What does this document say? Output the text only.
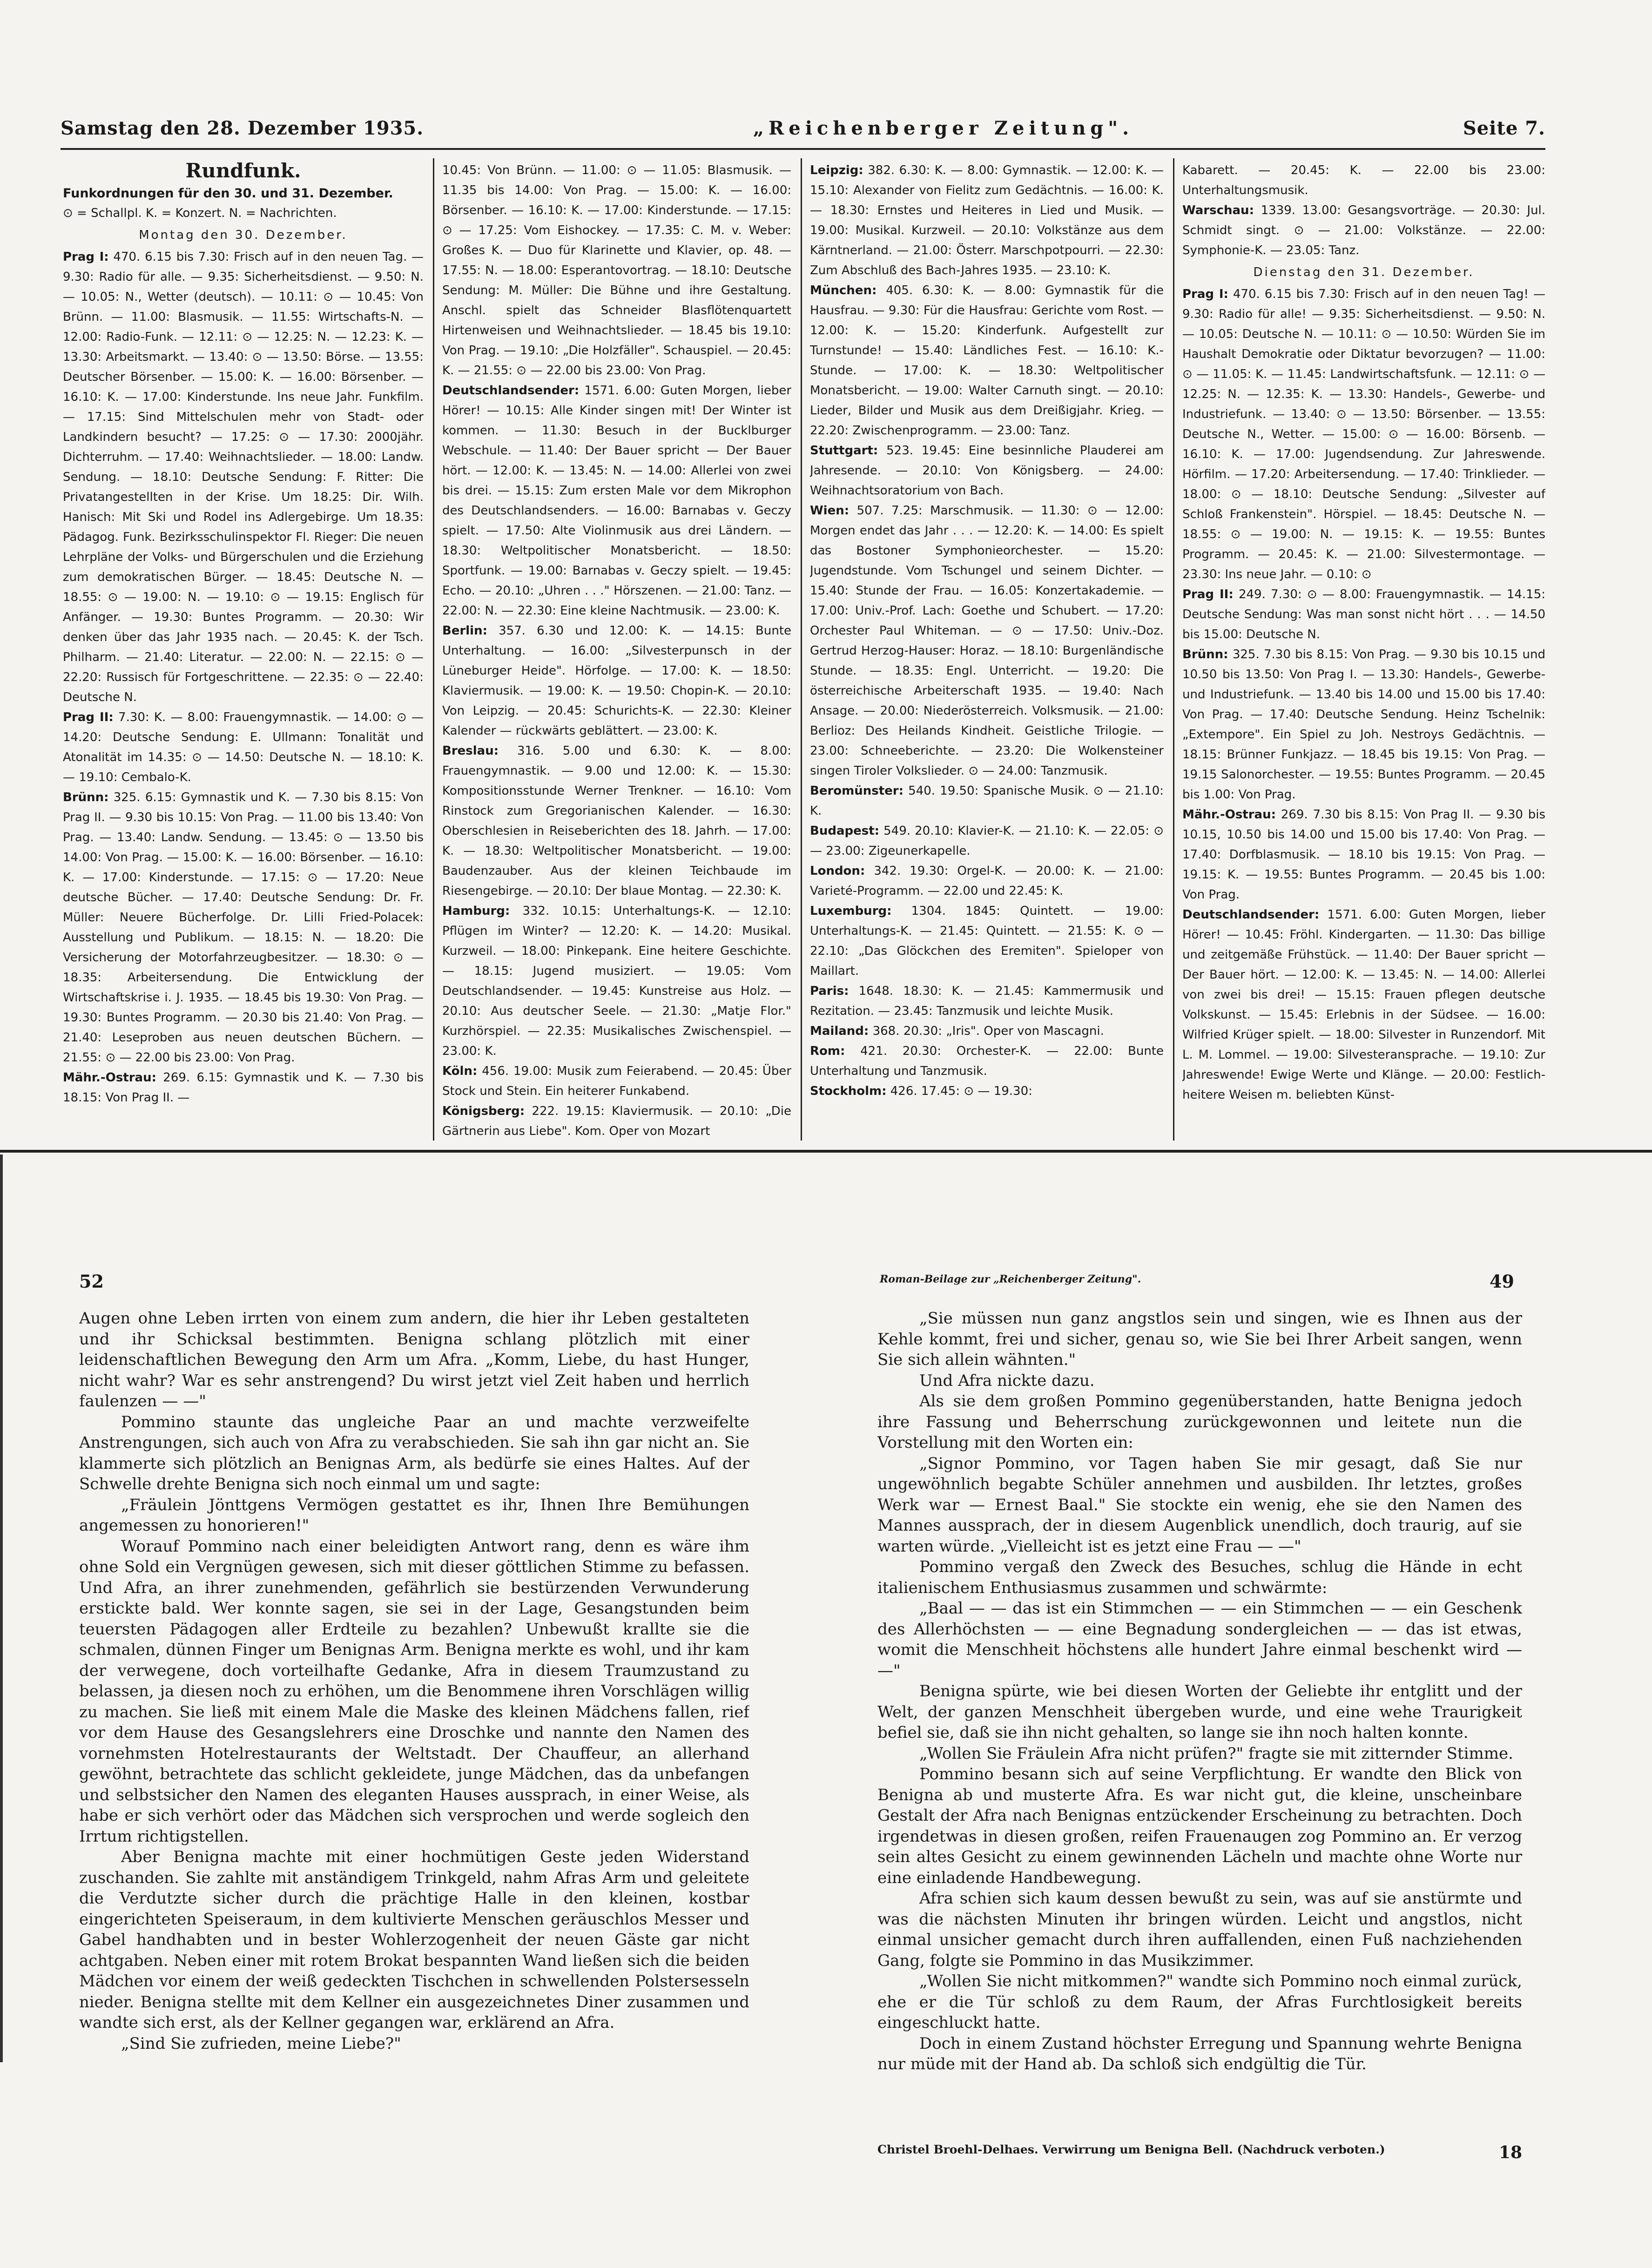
Samstag den 28. Dezember 1935.	„Reichenberger Zeitung".	Seite 7.
Rundfunk.

Funkordnungen für den 30. und 31. Dezember.

⊙ = Schallpl. K. = Konzert. N. = Nachrichten.

Montag den 30. Dezember.

Prag I: 470. 6.15 bis 7.30: Frisch auf in den neuen Tag. — 9.30: Radio für alle. — 9.35: Sicherheitsdienst. — 9.50: N. — 10.05: N., Wetter (deutsch). — 10.11: ⊙ — 10.45: Von Brünn. — 11.00: Blasmusik. — 11.55: Wirtschafts-N. — 12.00: Radio-Funk. — 12.11: ⊙ — 12.25: N. — 12.23: K. — 13.30: Arbeitsmarkt. — 13.40: ⊙ — 13.50: Börse. — 13.55: Deutscher Börsenber. — 15.00: K. — 16.00: Börsenber. — 16.10: K. — 17.00: Kinderstunde. Ins neue Jahr. Funkfilm. — 17.15: Sind Mittelschulen mehr von Stadt- oder Landkindern besucht? — 17.25: ⊙ — 17.30: 2000jähr. Dichterruhm. — 17.40: Weihnachtslieder. — 18.00: Landw. Sendung. — 18.10: Deutsche Sendung: F. Ritter: Die Privatangestellten in der Krise. Um 18.25: Dir. Wilh. Hanisch: Mit Ski und Rodel ins Adlergebirge. Um 18.35: Pädagog. Funk. Bezirksschulinspektor Fl. Rieger: Die neuen Lehrpläne der Volks- und Bürgerschulen und die Erziehung zum demokratischen Bürger. — 18.45: Deutsche N. — 18.55: ⊙ — 19.00: N. — 19.10: ⊙ — 19.15: Englisch für Anfänger. — 19.30: Buntes Programm. — 20.30: Wir denken über das Jahr 1935 nach. — 20.45: K. der Tsch. Philharm. — 21.40: Literatur. — 22.00: N. — 22.15: ⊙ — 22.20: Russisch für Fortgeschrittene. — 22.35: ⊙ — 22.40: Deutsche N.

Prag II: 7.30: K. — 8.00: Frauengymnastik. — 14.00: ⊙ — 14.20: Deutsche Sendung: E. Ullmann: Tonalität und Atonalität im 14.35: ⊙ — 14.50: Deutsche N. — 18.10: K. — 19.10: Cembalo-K.

Brünn: 325. 6.15: Gymnastik und K. — 7.30 bis 8.15: Von Prag II. — 9.30 bis 10.15: Von Prag. — 11.00 bis 13.40: Von Prag. — 13.40: Landw. Sendung. — 13.45: ⊙ — 13.50 bis 14.00: Von Prag. — 15.00: K. — 16.00: Börsenber. — 16.10: K. — 17.00: Kinderstunde. — 17.15: ⊙ — 17.20: Neue deutsche Bücher. — 17.40: Deutsche Sendung: Dr. Fr. Müller: Neuere Bücherfolge. Dr. Lilli Fried-Polacek: Ausstellung und Publikum. — 18.15: N. — 18.20: Die Versicherung der Motorfahrzeugbesitzer. — 18.30: ⊙ — 18.35: Arbeitersendung. Die Entwicklung der Wirtschaftskrise i. J. 1935. — 18.45 bis 19.30: Von Prag. — 19.30: Buntes Programm. — 20.30 bis 21.40: Von Prag. — 21.40: Leseproben aus neuen deutschen Büchern. — 21.55: ⊙ — 22.00 bis 23.00: Von Prag.

Mähr.-Ostrau: 269. 6.15: Gymnastik und K. — 7.30 bis 18.15: Von Prag II. —

10.45: Von Brünn. — 11.00: ⊙ — 11.05: Blasmusik. — 11.35 bis 14.00: Von Prag. — 15.00: K. — 16.00: Börsenber. — 16.10: K. — 17.00: Kinderstunde. — 17.15: ⊙ — 17.25: Vom Eishockey. — 17.35: C. M. v. Weber: Großes K. — Duo für Klarinette und Klavier, op. 48. — 17.55: N. — 18.00: Esperantovortrag. — 18.10: Deutsche Sendung: M. Müller: Die Bühne und ihre Gestaltung. Anschl. spielt das Schneider Blasflötenquartett Hirtenweisen und Weihnachtslieder. — 18.45 bis 19.10: Von Prag. — 19.10: „Die Holzfäller". Schauspiel. — 20.45: K. — 21.55: ⊙ — 22.00 bis 23.00: Von Prag.

Deutschlandsender: 1571. 6.00: Guten Morgen, lieber Hörer! — 10.15: Alle Kinder singen mit! Der Winter ist kommen. — 11.30: Besuch in der Bucklburger Webschule. — 11.40: Der Bauer spricht — Der Bauer hört. — 12.00: K. — 13.45: N. — 14.00: Allerlei von zwei bis drei. — 15.15: Zum ersten Male vor dem Mikrophon des Deutschlandsenders. — 16.00: Barnabas v. Geczy spielt. — 17.50: Alte Violinmusik aus drei Ländern. — 18.30: Weltpolitischer Monatsbericht. — 18.50: Sportfunk. — 19.00: Barnabas v. Geczy spielt. — 19.45: Echo. — 20.10: „Uhren . . ." Hörszenen. — 21.00: Tanz. — 22.00: N. — 22.30: Eine kleine Nachtmusik. — 23.00: K.

Berlin: 357. 6.30 und 12.00: K. — 14.15: Bunte Unterhaltung. — 16.00: „Silvesterpunsch in der Lüneburger Heide". Hörfolge. — 17.00: K. — 18.50: Klaviermusik. — 19.00: K. — 19.50: Chopin-K. — 20.10: Von Leipzig. — 20.45: Schurichts-K. — 22.30: Kleiner Kalender — rückwärts geblättert. — 23.00: K.

Breslau: 316. 5.00 und 6.30: K. — 8.00: Frauengymnastik. — 9.00 und 12.00: K. — 15.30: Kompositionsstunde Werner Trenkner. — 16.10: Vom Rinstock zum Gregorianischen Kalender. — 16.30: Oberschlesien in Reiseberichten des 18. Jahrh. — 17.00: K. — 18.30: Weltpolitischer Monatsbericht. — 19.00: Baudenzauber. Aus der kleinen Teichbaude im Riesengebirge. — 20.10: Der blaue Montag. — 22.30: K.

Hamburg: 332. 10.15: Unterhaltungs-K. — 12.10: Pflügen im Winter? — 12.20: K. — 14.20: Musikal. Kurzweil. — 18.00: Pinkepank. Eine heitere Geschichte. — 18.15: Jugend musiziert. — 19.05: Vom Deutschlandsender. — 19.45: Kunstreise aus Holz. — 20.10: Aus deutscher Seele. — 21.30: „Matje Flor." Kurzhörspiel. — 22.35: Musikalisches Zwischenspiel. — 23.00: K.

Köln: 456. 19.00: Musik zum Feierabend. — 20.45: Über Stock und Stein. Ein heiterer Funkabend.

Königsberg: 222. 19.15: Klaviermusik. — 20.10: „Die Gärtnerin aus Liebe". Kom. Oper von Mozart

Leipzig: 382. 6.30: K. — 8.00: Gymnastik. — 12.00: K. — 15.10: Alexander von Fielitz zum Gedächtnis. — 16.00: K. — 18.30: Ernstes und Heiteres in Lied und Musik. — 19.00: Musikal. Kurzweil. — 20.10: Volkstänze aus dem Kärntnerland. — 21.00: Österr. Marschpotpourri. — 22.30: Zum Abschluß des Bach-Jahres 1935. — 23.10: K.

München: 405. 6.30: K. — 8.00: Gymnastik für die Hausfrau. — 9.30: Für die Hausfrau: Gerichte vom Rost. — 12.00: K. — 15.20: Kinderfunk. Aufgestellt zur Turnstunde! — 15.40: Ländliches Fest. — 16.10: K.-Stunde. — 17.00: K. — 18.30: Weltpolitischer Monatsbericht. — 19.00: Walter Carnuth singt. — 20.10: Lieder, Bilder und Musik aus dem Dreißigjahr. Krieg. — 22.20: Zwischenprogramm. — 23.00: Tanz.

Stuttgart: 523. 19.45: Eine besinnliche Plauderei am Jahresende. — 20.10: Von Königsberg. — 24.00: Weihnachtsoratorium von Bach.

Wien: 507. 7.25: Marschmusik. — 11.30: ⊙ — 12.00: Morgen endet das Jahr . . . — 12.20: K. — 14.00: Es spielt das Bostoner Symphonieorchester. — 15.20: Jugendstunde. Vom Tschungel und seinem Dichter. — 15.40: Stunde der Frau. — 16.05: Konzertakademie. — 17.00: Univ.-Prof. Lach: Goethe und Schubert. — 17.20: Orchester Paul Whiteman. — ⊙ — 17.50: Univ.-Doz. Gertrud Herzog-Hauser: Horaz. — 18.10: Burgenländische Stunde. — 18.35: Engl. Unterricht. — 19.20: Die österreichische Arbeiterschaft 1935. — 19.40: Nach Ansage. — 20.00: Niederösterreich. Volksmusik. — 21.00: Berlioz: Des Heilands Kindheit. Geistliche Trilogie. — 23.00: Schneeberichte. — 23.20: Die Wolkensteiner singen Tiroler Volkslieder. ⊙ — 24.00: Tanzmusik.

Beromünster: 540. 19.50: Spanische Musik. ⊙ — 21.10: K.

Budapest: 549. 20.10: Klavier-K. — 21.10: K. — 22.05: ⊙ — 23.00: Zigeunerkapelle.

London: 342. 19.30: Orgel-K. — 20.00: K. — 21.00: Varieté-Programm. — 22.00 und 22.45: K.

Luxemburg: 1304. 1845: Quintett. — 19.00: Unterhaltungs-K. — 21.45: Quintett. — 21.55: K. ⊙ — 22.10: „Das Glöckchen des Eremiten". Spieloper von Maillart.

Paris: 1648. 18.30: K. — 21.45: Kammermusik und Rezitation. — 23.45: Tanzmusik und leichte Musik.

Mailand: 368. 20.30: „Iris". Oper von Mascagni.

Rom: 421. 20.30: Orchester-K. — 22.00: Bunte Unterhaltung und Tanzmusik.

Stockholm: 426. 17.45: ⊙ — 19.30:

Kabarett. — 20.45: K. — 22.00 bis 23.00: Unterhaltungsmusik.

Warschau: 1339. 13.00: Gesangsvorträge. — 20.30: Jul. Schmidt singt. ⊙ — 21.00: Volkstänze. — 22.00: Symphonie-K. — 23.05: Tanz.

Dienstag den 31. Dezember.

Prag I: 470. 6.15 bis 7.30: Frisch auf in den neuen Tag! — 9.30: Radio für alle! — 9.35: Sicherheitsdienst. — 9.50: N. — 10.05: Deutsche N. — 10.11: ⊙ — 10.50: Würden Sie im Haushalt Demokratie oder Diktatur bevorzugen? — 11.00: ⊙ — 11.05: K. — 11.45: Landwirtschaftsfunk. — 12.11: ⊙ — 12.25: N. — 12.35: K. — 13.30: Handels-, Gewerbe- und Industriefunk. — 13.40: ⊙ — 13.50: Börsenber. — 13.55: Deutsche N., Wetter. — 15.00: ⊙ — 16.00: Börsenb. — 16.10: K. — 17.00: Jugendsendung. Zur Jahreswende. Hörfilm. — 17.20: Arbeitersendung. — 17.40: Trinklieder. — 18.00: ⊙ — 18.10: Deutsche Sendung: „Silvester auf Schloß Frankenstein". Hörspiel. — 18.45: Deutsche N. — 18.55: ⊙ — 19.00: N. — 19.15: K. — 19.55: Buntes Programm. — 20.45: K. — 21.00: Silvestermontage. — 23.30: Ins neue Jahr. — 0.10: ⊙

Prag II: 249. 7.30: ⊙ — 8.00: Frauengymnastik. — 14.15: Deutsche Sendung: Was man sonst nicht hört . . . — 14.50 bis 15.00: Deutsche N.

Brünn: 325. 7.30 bis 8.15: Von Prag. — 9.30 bis 10.15 und 10.50 bis 13.50: Von Prag I. — 13.30: Handels-, Gewerbe- und Industriefunk. — 13.40 bis 14.00 und 15.00 bis 17.40: Von Prag. — 17.40: Deutsche Sendung. Heinz Tschelnik: „Extempore". Ein Spiel zu Joh. Nestroys Gedächtnis. — 18.15: Brünner Funkjazz. — 18.45 bis 19.15: Von Prag. — 19.15 Salonorchester. — 19.55: Buntes Programm. — 20.45 bis 1.00: Von Prag.

Mähr.-Ostrau: 269. 7.30 bis 8.15: Von Prag II. — 9.30 bis 10.15, 10.50 bis 14.00 und 15.00 bis 17.40: Von Prag. — 17.40: Dorfblasmusik. — 18.10 bis 19.15: Von Prag. — 19.15: K. — 19.55: Buntes Programm. — 20.45 bis 1.00: Von Prag.

Deutschlandsender: 1571. 6.00: Guten Morgen, lieber Hörer! — 10.45: Fröhl. Kindergarten. — 11.30: Das billige und zeitgemäße Frühstück. — 11.40: Der Bauer spricht — Der Bauer hört. — 12.00: K. — 13.45: N. — 14.00: Allerlei von zwei bis drei! — 15.15: Frauen pflegen deutsche Volkskunst. — 15.45: Erlebnis in der Südsee. — 16.00: Wilfried Krüger spielt. — 18.00: Silvester in Runzendorf. Mit L. M. Lommel. — 19.00: Silvesteransprache. — 19.10: Zur Jahreswende! Ewige Werte und Klänge. — 20.00: Festlich-heitere Weisen m. beliebten Künst-

52	Roman-Beilage zur „Reichenberger Zeitung".	49

Augen ohne Leben irrten von einem zum andern, die hier ihr Leben gestalteten und ihr Schicksal bestimmten. Benigna schlang plötzlich mit einer leidenschaftlichen Bewegung den Arm um Afra. „Komm, Liebe, du hast Hunger, nicht wahr? War es sehr anstrengend? Du wirst jetzt viel Zeit haben und herrlich faulenzen — —"

Pommino staunte das ungleiche Paar an und machte verzweifelte Anstrengungen, sich auch von Afra zu verabschieden. Sie sah ihn gar nicht an. Sie klammerte sich plötzlich an Benignas Arm, als bedürfe sie eines Haltes. Auf der Schwelle drehte Benigna sich noch einmal um und sagte:

„Fräulein Jönttgens Vermögen gestattet es ihr, Ihnen Ihre Bemühungen angemessen zu honorieren!"

Worauf Pommino nach einer beleidigten Antwort rang, denn es wäre ihm ohne Sold ein Vergnügen gewesen, sich mit dieser göttlichen Stimme zu befassen. Und Afra, an ihrer zunehmenden, gefährlich sie bestürzenden Verwunderung erstickte bald. Wer konnte sagen, sie sei in der Lage, Gesangstunden beim teuersten Pädagogen aller Erdteile zu bezahlen? Unbewußt krallte sie die schmalen, dünnen Finger um Benignas Arm. Benigna merkte es wohl, und ihr kam der verwegene, doch vorteilhafte Gedanke, Afra in diesem Traumzustand zu belassen, ja diesen noch zu erhöhen, um die Benommene ihren Vorschlägen willig zu machen. Sie ließ mit einem Male die Maske des kleinen Mädchens fallen, rief vor dem Hause des Gesangslehrers eine Droschke und nannte den Namen des vornehmsten Hotelrestaurants der Weltstadt. Der Chauffeur, an allerhand gewöhnt, betrachtete das schlicht gekleidete, junge Mädchen, das da unbefangen und selbstsicher den Namen des eleganten Hauses aussprach, in einer Weise, als habe er sich verhört oder das Mädchen sich versprochen und werde sogleich den Irrtum richtigstellen.

Aber Benigna machte mit einer hochmütigen Geste jeden Widerstand zuschanden. Sie zahlte mit anständigem Trinkgeld, nahm Afras Arm und geleitete die Verdutzte sicher durch die prächtige Halle in den kleinen, kostbar eingerichteten Speiseraum, in dem kultivierte Menschen geräuschlos Messer und Gabel handhabten und in bester Wohlerzogenheit der neuen Gäste gar nicht achtgaben. Neben einer mit rotem Brokat bespannten Wand ließen sich die beiden Mädchen vor einem der weiß gedeckten Tischchen in schwellenden Polstersesseln nieder. Benigna stellte mit dem Kellner ein ausgezeichnetes Diner zusammen und wandte sich erst, als der Kellner gegangen war, erklärend an Afra.

„Sind Sie zufrieden, meine Liebe?"

„Sie müssen nun ganz angstlos sein und singen, wie es Ihnen aus der Kehle kommt, frei und sicher, genau so, wie Sie bei Ihrer Arbeit sangen, wenn Sie sich allein wähnten."

Und Afra nickte dazu.

Als sie dem großen Pommino gegenüberstanden, hatte Benigna jedoch ihre Fassung und Beherrschung zurückgewonnen und leitete nun die Vorstellung mit den Worten ein:

„Signor Pommino, vor Tagen haben Sie mir gesagt, daß Sie nur ungewöhnlich begabte Schüler annehmen und ausbilden. Ihr letztes, großes Werk war — Ernest Baal." Sie stockte ein wenig, ehe sie den Namen des Mannes aussprach, der in diesem Augenblick unendlich, doch traurig, auf sie warten würde. „Vielleicht ist es jetzt eine Frau — —"

Pommino vergaß den Zweck des Besuches, schlug die Hände in echt italienischem Enthusiasmus zusammen und schwärmte:

„Baal — — das ist ein Stimmchen — — ein Stimmchen — — ein Geschenk des Allerhöchsten — — eine Begnadung sondergleichen — — das ist etwas, womit die Menschheit höchstens alle hundert Jahre einmal beschenkt wird — —"

Benigna spürte, wie bei diesen Worten der Geliebte ihr entglitt und der Welt, der ganzen Menschheit übergeben wurde, und eine wehe Traurigkeit befiel sie, daß sie ihn nicht gehalten, so lange sie ihn noch halten konnte.

„Wollen Sie Fräulein Afra nicht prüfen?" fragte sie mit zitternder Stimme.

Pommino besann sich auf seine Verpflichtung. Er wandte den Blick von Benigna ab und musterte Afra. Es war nicht gut, die kleine, unscheinbare Gestalt der Afra nach Benignas entzückender Erscheinung zu betrachten. Doch irgendetwas in diesen großen, reifen Frauenaugen zog Pommino an. Er verzog sein altes Gesicht zu einem gewinnenden Lächeln und machte ohne Worte nur eine einladende Handbewegung.

Afra schien sich kaum dessen bewußt zu sein, was auf sie anstürmte und was die nächsten Minuten ihr bringen würden. Leicht und angstlos, nicht einmal unsicher gemacht durch ihren auffallenden, einen Fuß nachziehenden Gang, folgte sie Pommino in das Musikzimmer.

„Wollen Sie nicht mitkommen?" wandte sich Pommino noch einmal zurück, ehe er die Tür schloß zu dem Raum, der Afras Furchtlosigkeit bereits eingeschluckt hatte.

Doch in einem Zustand höchster Erregung und Spannung wehrte Benigna nur müde mit der Hand ab. Da schloß sich endgültig die Tür.

Christel Broehl-Delhaes. Verwirrung um Benigna Bell. (Nachdruck verboten.)	18
